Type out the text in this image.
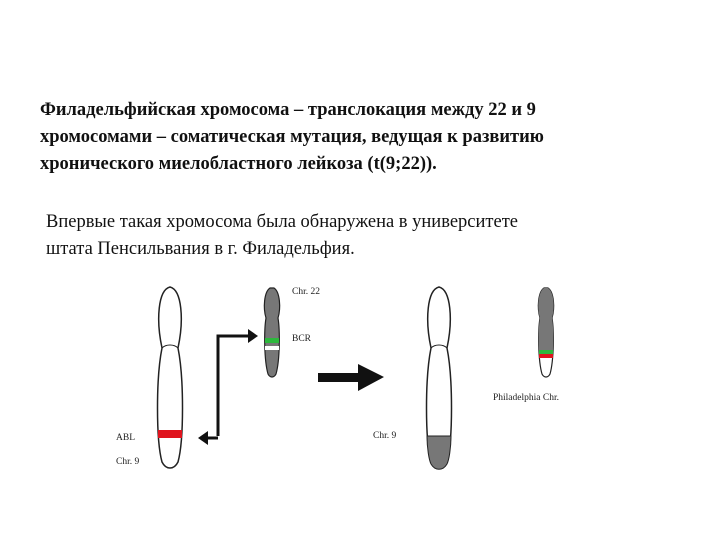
Филадельфийская хромосома – транслокация между 22 и 9
хромосомами – соматическая мутация, ведущая к развитию
хронического миелобластного лейкоза (t(9;22)).
Впервые такая хромосома была обнаружена в университете
штата Пенсильвания в г. Филадельфия.
Chr. 22
BCR
ABL
Chr. 9
Chr. 9
Philadelphia Chr.
